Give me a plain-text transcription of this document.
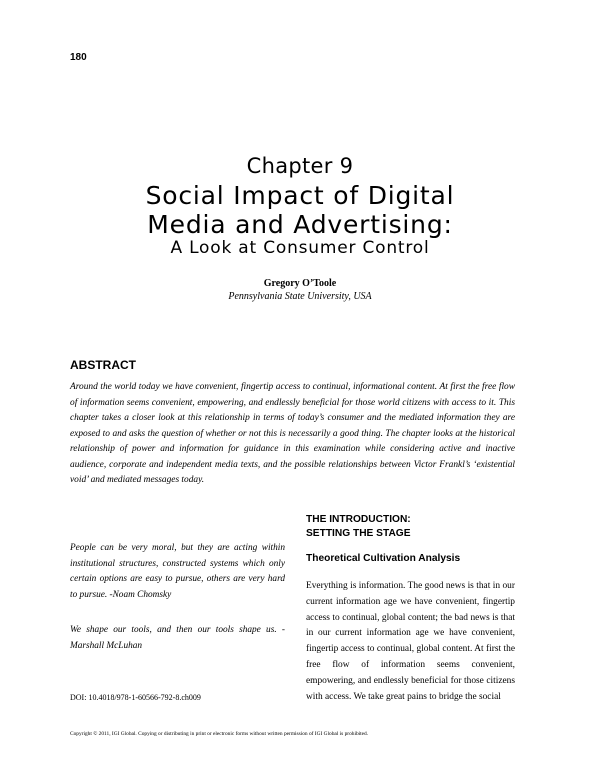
180
Chapter 9
Social Impact of Digital
Media and Advertising:
A Look at Consumer Control
Gregory O’Toole
Pennsylvania State University, USA
ABSTRACT
Around the world today we have convenient, fingertip access to continual, informational content. At first the free flow of information seems convenient, empowering, and endlessly beneficial for those world citizens with access to it. This chapter takes a closer look at this relationship in terms of today’s consumer and the mediated information they are exposed to and asks the question of whether or not this is necessarily a good thing. The chapter looks at the historical relationship of power and information for guidance in this examination while considering active and inactive audience, corporate and independent media texts, and the possible relationships between Victor Frankl’s ‘existential void’ and mediated messages today.
People can be very moral, but they are acting within institutional structures, constructed systems which only certain options are easy to pursue, others are very hard to pursue. -Noam Chomsky
We shape our tools, and then our tools shape us. -Marshall McLuhan
DOI: 10.4018/978-1-60566-792-8.ch009
THE INTRODUCTION:
SETTING THE STAGE
Theoretical Cultivation Analysis
Everything is information. The good news is that in our current information age we have convenient, fingertip access to continual, global content; the bad news is that in our current information age we have convenient, fingertip access to continual, global content. At first the free flow of information seems convenient, empowering, and endlessly beneficial for those citizens with access. We take great pains to bridge the social
Copyright © 2011, IGI Global. Copying or distributing in print or electronic forms without written permission of IGI Global is prohibited.
